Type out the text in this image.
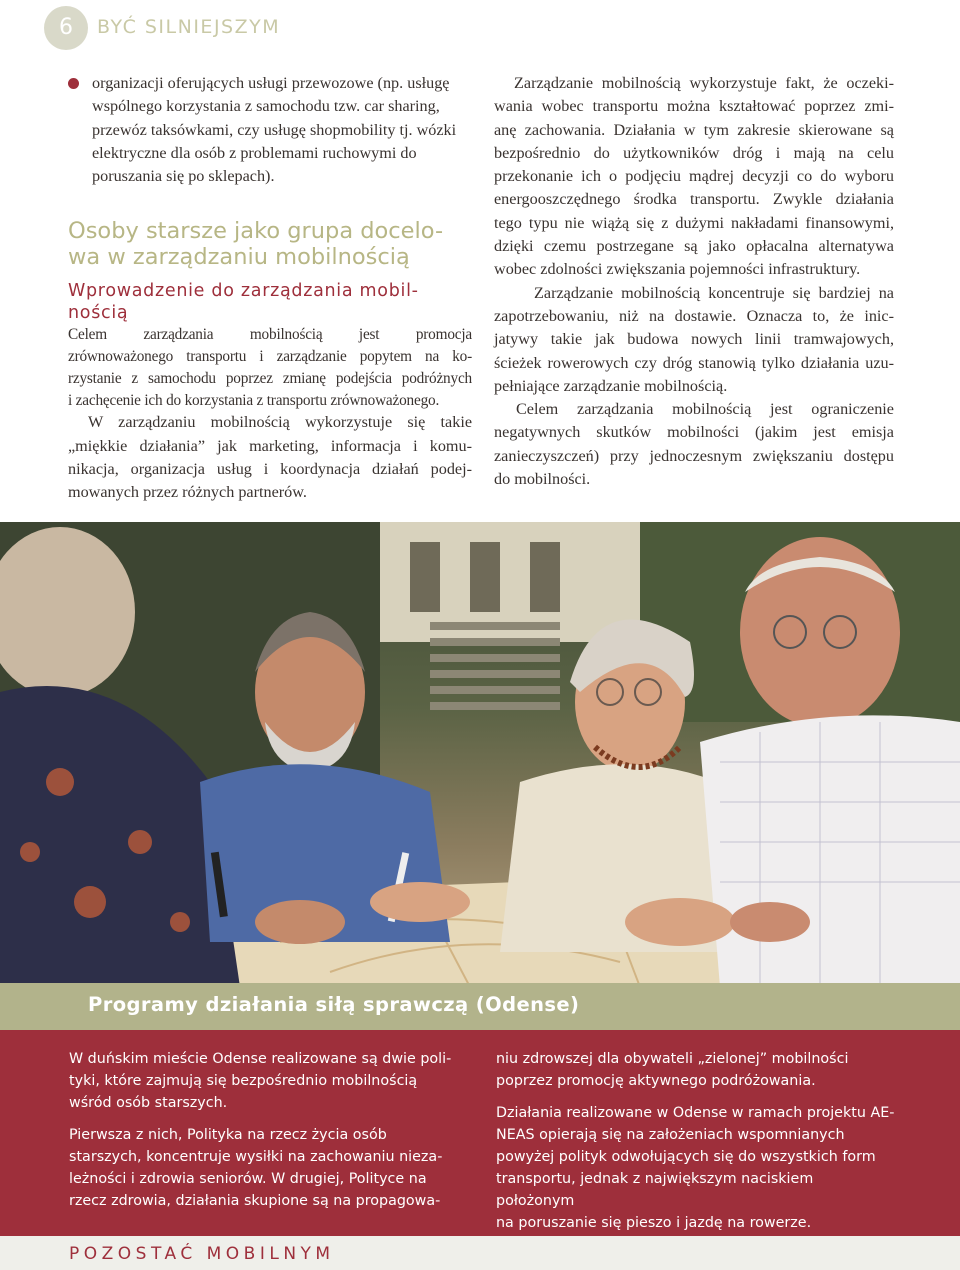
6	BYĆ SILNIEJSZYM
organizacji oferujących usługi przewozowe (np. usługę
wspólnego korzystania z samochodu tzw. car sharing,
przewóz taksówkami, czy usługę shopmobility tj. wózki
elektryczne dla osób z problemami ruchowymi do
poruszania się po sklepach).
Osoby starsze jako grupa docelo-
wa w zarządzaniu mobilnością
Wprowadzenie do zarządzania mobil-
nością
Celem zarządzania mobilnością jest promocja
zrównoważonego transportu i zarządzanie popytem na ko-
rzystanie z samochodu poprzez zmianę podejścia podróżnych
i zachęcenie ich do korzystania z transportu zrównoważonego.
W zarządzaniu mobilnością wykorzystuje się takie
„miękkie działania” jak marketing, informacja i komu-
nikacja, organizacja usług i koordynacja działań podej-
mowanych przez różnych partnerów.
Zarządzanie mobilnością wykorzystuje fakt, że oczeki-
wania wobec transportu można kształtować poprzez zmi-
anę zachowania. Działania w tym zakresie skierowane są
bezpośrednio do użytkowników dróg i mają na celu
przekonanie ich o podjęciu mądrej decyzji co do wyboru
energooszczędnego środka transportu. Zwykle działania
tego typu nie wiążą się z dużymi nakładami finansowymi,
dzięki czemu postrzegane są jako opłacalna alternatywa
wobec zdolności zwiększania pojemności infrastruktury.
Zarządzanie mobilnością koncentruje się bardziej na
zapotrzebowaniu, niż na dostawie. Oznacza to, że inic-
jatywy takie jak budowa nowych linii tramwajowych,
ścieżek rowerowych czy dróg stanowią tylko działania uzu-
pełniające zarządzanie mobilnością.
Celem zarządzania mobilnością jest ograniczenie
negatywnych skutków mobilności (jakim jest emisja
zanieczyszczeń) przy jednoczesnym zwiększaniu dostępu
do mobilności.
Programy działania siłą sprawczą (Odense)

W duńskim mieście Odense realizowane są dwie poli-
tyki, które zajmują się bezpośrednio mobilnością
wśród osób starszych.

Pierwsza z nich, Polityka na rzecz życia osób
starszych, koncentruje wysiłki na zachowaniu nieza-
leżności i zdrowia seniorów. W drugiej, Polityce na
rzecz zdrowia, działania skupione są na propagowa-

niu zdrowszej dla obywateli „zielonej” mobilności
poprzez promocję aktywnego podróżowania.

Działania realizowane w Odense w ramach projektu AE-
NEAS opierają się na założeniach wspomnianych
powyżej polityk odwołujących się do wszystkich form
transportu, jednak z największym naciskiem położonym
na poruszanie się pieszo i jazdę na rowerze.

POZOSTAĆ MOBILNYM
